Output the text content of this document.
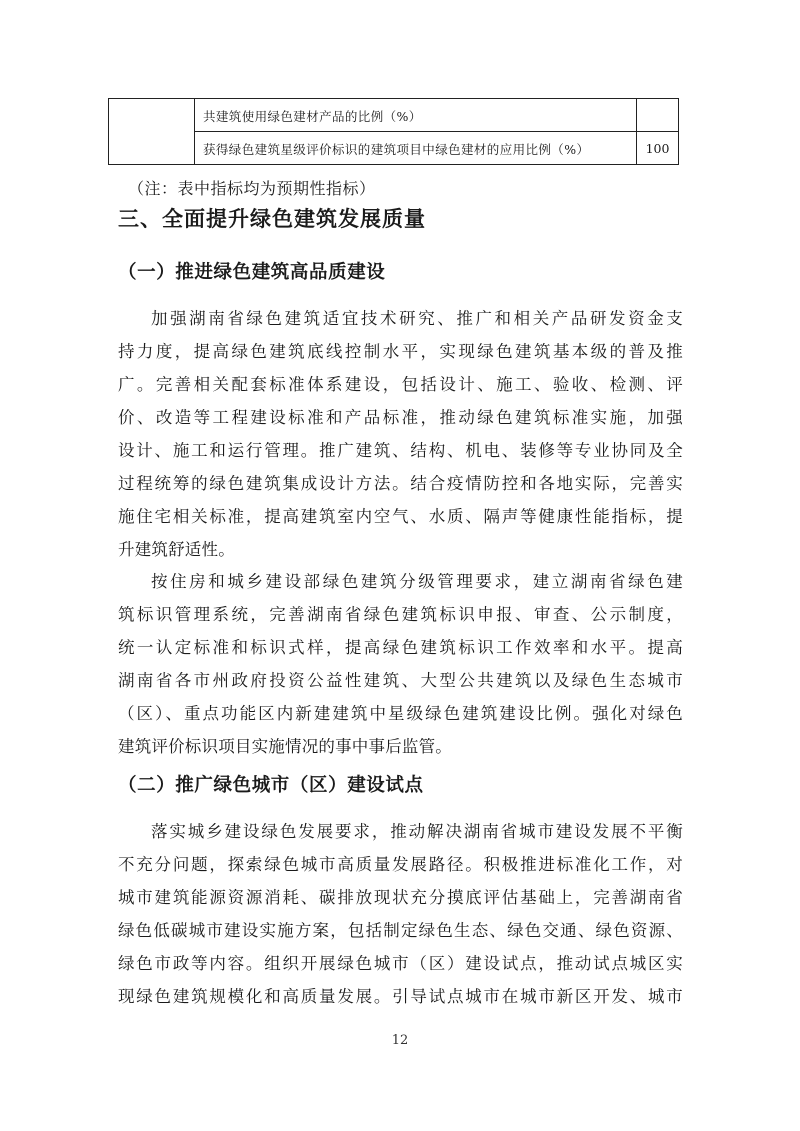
共建筑使用绿色建材产品的比例（%）
获得绿色建筑星级评价标识的建筑项目中绿色建材的应用比例（%）	100
（注：表中指标均为预期性指标）
三、全面提升绿色建筑发展质量
（一）推进绿色建筑高品质建设
加强湖南省绿色建筑适宜技术研究、推广和相关产品研发资金支
持力度，提高绿色建筑底线控制水平，实现绿色建筑基本级的普及推
广。完善相关配套标准体系建设，包括设计、施工、验收、检测、评
价、改造等工程建设标准和产品标准，推动绿色建筑标准实施，加强
设计、施工和运行管理。推广建筑、结构、机电、装修等专业协同及全
过程统筹的绿色建筑集成设计方法。结合疫情防控和各地实际，完善实
施住宅相关标准，提高建筑室内空气、水质、隔声等健康性能指标，提
升建筑舒适性。
按住房和城乡建设部绿色建筑分级管理要求，建立湖南省绿色建
筑标识管理系统，完善湖南省绿色建筑标识申报、审查、公示制度，
统一认定标准和标识式样，提高绿色建筑标识工作效率和水平。提高
湖南省各市州政府投资公益性建筑、大型公共建筑以及绿色生态城市
（区）、重点功能区内新建建筑中星级绿色建筑建设比例。强化对绿色
建筑评价标识项目实施情况的事中事后监管。
（二）推广绿色城市（区）建设试点
落实城乡建设绿色发展要求，推动解决湖南省城市建设发展不平衡
不充分问题，探索绿色城市高质量发展路径。积极推进标准化工作，对
城市建筑能源资源消耗、碳排放现状充分摸底评估基础上，完善湖南省
绿色低碳城市建设实施方案，包括制定绿色生态、绿色交通、绿色资源、
绿色市政等内容。组织开展绿色城市（区）建设试点，推动试点城区实
现绿色建筑规模化和高质量发展。引导试点城市在城市新区开发、城市
12
